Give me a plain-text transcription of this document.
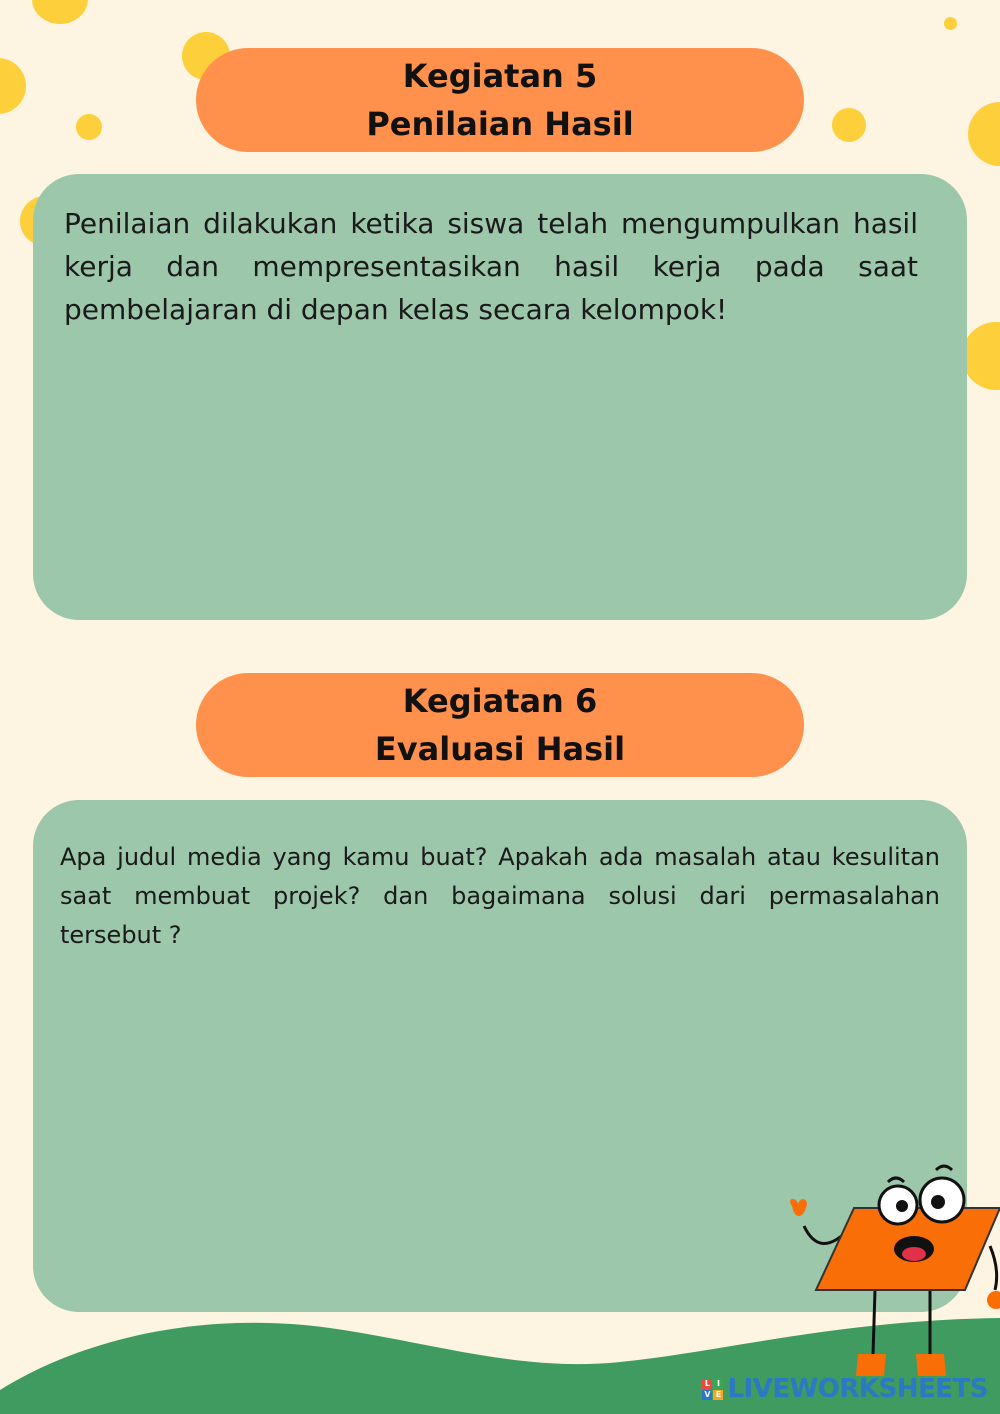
Kegiatan 5
Penilaian Hasil
Penilaian dilakukan ketika siswa telah mengumpulkan hasil kerja dan mempresentasikan hasil kerja pada saat pembelajaran di depan kelas secara kelompok!
Kegiatan 6
Evaluasi Hasil
Apa judul media yang kamu buat? Apakah ada masalah atau kesulitan saat membuat projek? dan bagaimana solusi dari permasalahan tersebut ?
L I
V E LIVEWORKSHEETS
